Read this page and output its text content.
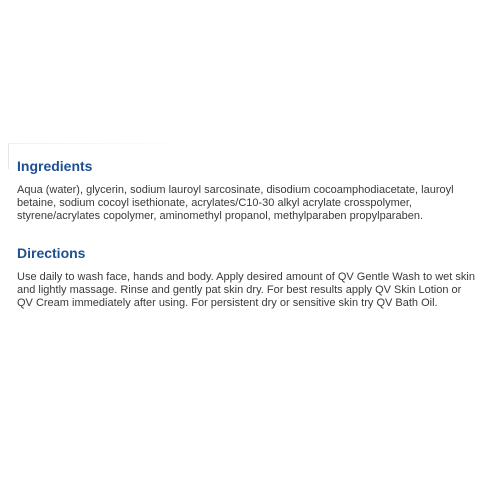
Ingredients

Aqua (water), glycerin, sodium lauroyl sarcosinate, disodium cocoamphodiacetate, lauroyl betaine, sodium cocoyl isethionate, acrylates/C10-30 alkyl acrylate crosspolymer, styrene/acrylates copolymer, aminomethyl propanol, methylparaben propylparaben.

Directions

Use daily to wash face, hands and body. Apply desired amount of QV Gentle Wash to wet skin and lightly massage. Rinse and gently pat skin dry. For best results apply QV Skin Lotion or QV Cream immediately after using. For persistent dry or sensitive skin try QV Bath Oil.
